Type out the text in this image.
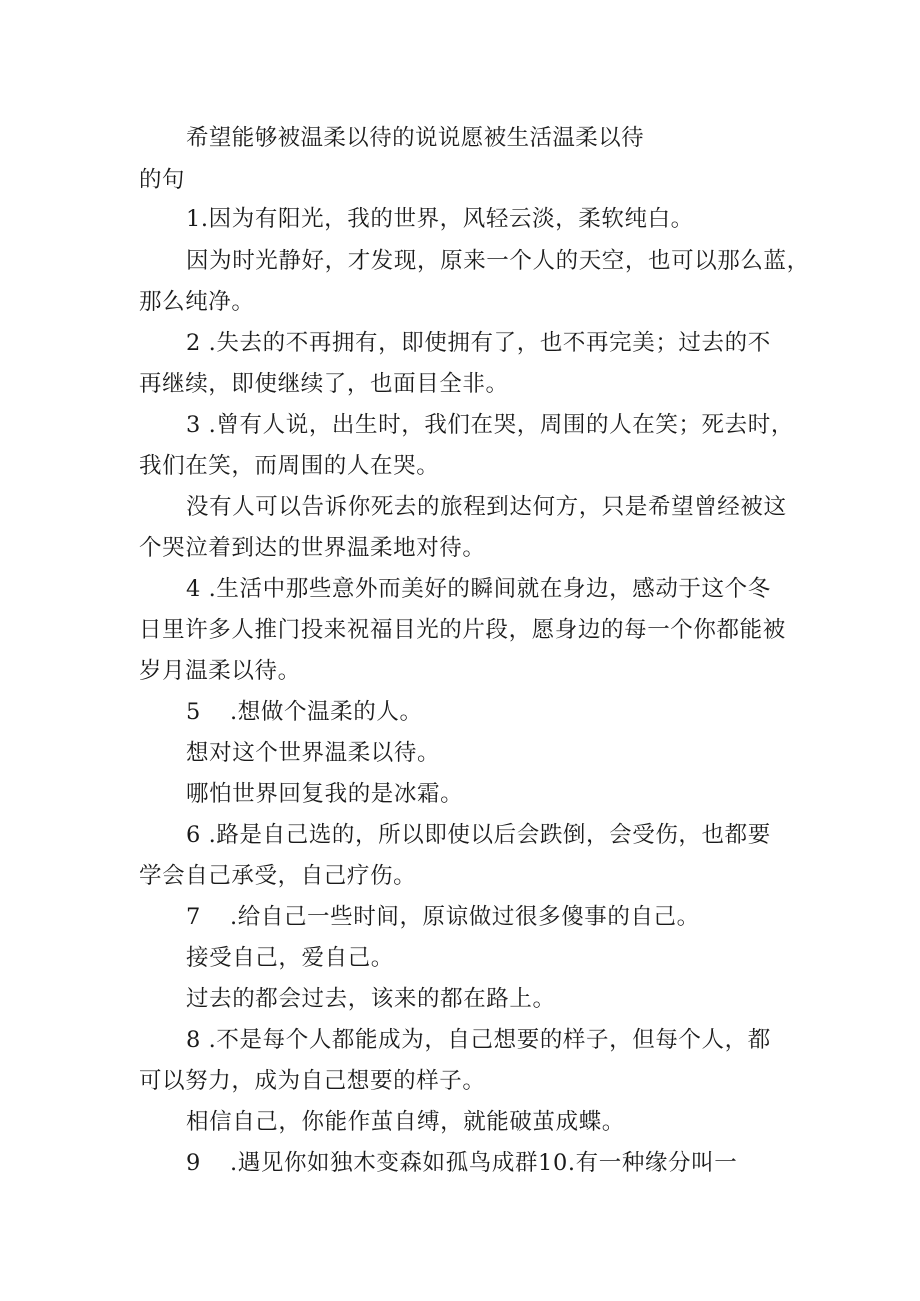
希望能够被温柔以待的说说愿被生活温柔以待
的句
1.因为有阳光，我的世界，风轻云淡，柔软纯白。
因为时光静好，才发现，原来一个人的天空，也可以那么蓝，
那么纯净。
2 .失去的不再拥有，即使拥有了，也不再完美；过去的不
再继续，即使继续了，也面目全非。
3 .曾有人说，出生时，我们在哭，周围的人在笑；死去时，
我们在笑，而周围的人在哭。
没有人可以告诉你死去的旅程到达何方，只是希望曾经被这
个哭泣着到达的世界温柔地对待。
4 .生活中那些意外而美好的瞬间就在身边，感动于这个冬
日里许多人推门投来祝福目光的片段，愿身边的每一个你都能被
岁月温柔以待。
5 .想做个温柔的人。
想对这个世界温柔以待。
哪怕世界回复我的是冰霜。
6 .路是自己选的，所以即使以后会跌倒，会受伤，也都要
学会自己承受，自己疗伤。
7 .给自己一些时间，原谅做过很多傻事的自己。
接受自己，爱自己。
过去的都会过去，该来的都在路上。
8 .不是每个人都能成为，自己想要的样子，但每个人，都
可以努力，成为自己想要的样子。
相信自己，你能作茧自缚，就能破茧成蝶。
9 .遇见你如独木变森如孤鸟成群10.有一种缘分叫一
